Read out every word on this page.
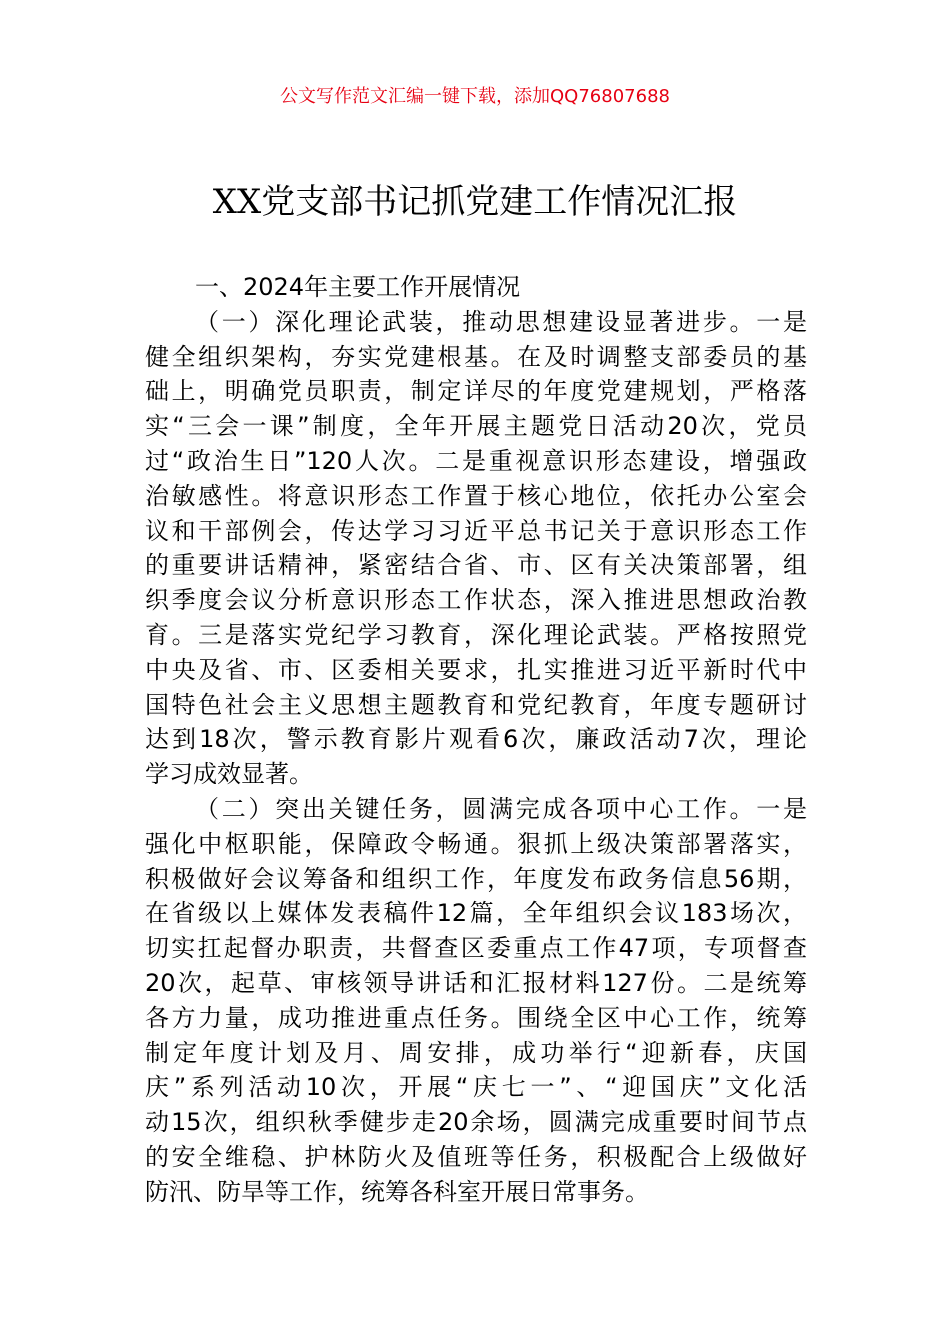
公文写作范文汇编一键下载，添加QQ76807688
XX党支部书记抓党建工作情况汇报
一、2024年主要工作开展情况
（一）深化理论武装，推动思想建设显著进步。一是
健全组织架构，夯实党建根基。在及时调整支部委员的基
础上，明确党员职责，制定详尽的年度党建规划，严格落
实“三会一课”制度，全年开展主题党日活动20次，党员
过“政治生日”120人次。二是重视意识形态建设，增强政
治敏感性。将意识形态工作置于核心地位，依托办公室会
议和干部例会，传达学习习近平总书记关于意识形态工作
的重要讲话精神，紧密结合省、市、区有关决策部署，组
织季度会议分析意识形态工作状态，深入推进思想政治教
育。三是落实党纪学习教育，深化理论武装。严格按照党
中央及省、市、区委相关要求，扎实推进习近平新时代中
国特色社会主义思想主题教育和党纪教育，年度专题研讨
达到18次，警示教育影片观看6次，廉政活动7次，理论
学习成效显著。
（二）突出关键任务，圆满完成各项中心工作。一是
强化中枢职能，保障政令畅通。狠抓上级决策部署落实，
积极做好会议筹备和组织工作，年度发布政务信息56期，
在省级以上媒体发表稿件12篇，全年组织会议183场次，
切实扛起督办职责，共督查区委重点工作47项，专项督查
20次，起草、审核领导讲话和汇报材料127份。二是统筹
各方力量，成功推进重点任务。围绕全区中心工作，统筹
制定年度计划及月、周安排，成功举行“迎新春，庆国
庆”系列活动10次，开展“庆七一”、“迎国庆”文化活
动15次，组织秋季健步走20余场，圆满完成重要时间节点
的安全维稳、护林防火及值班等任务，积极配合上级做好
防汛、防旱等工作，统筹各科室开展日常事务。
